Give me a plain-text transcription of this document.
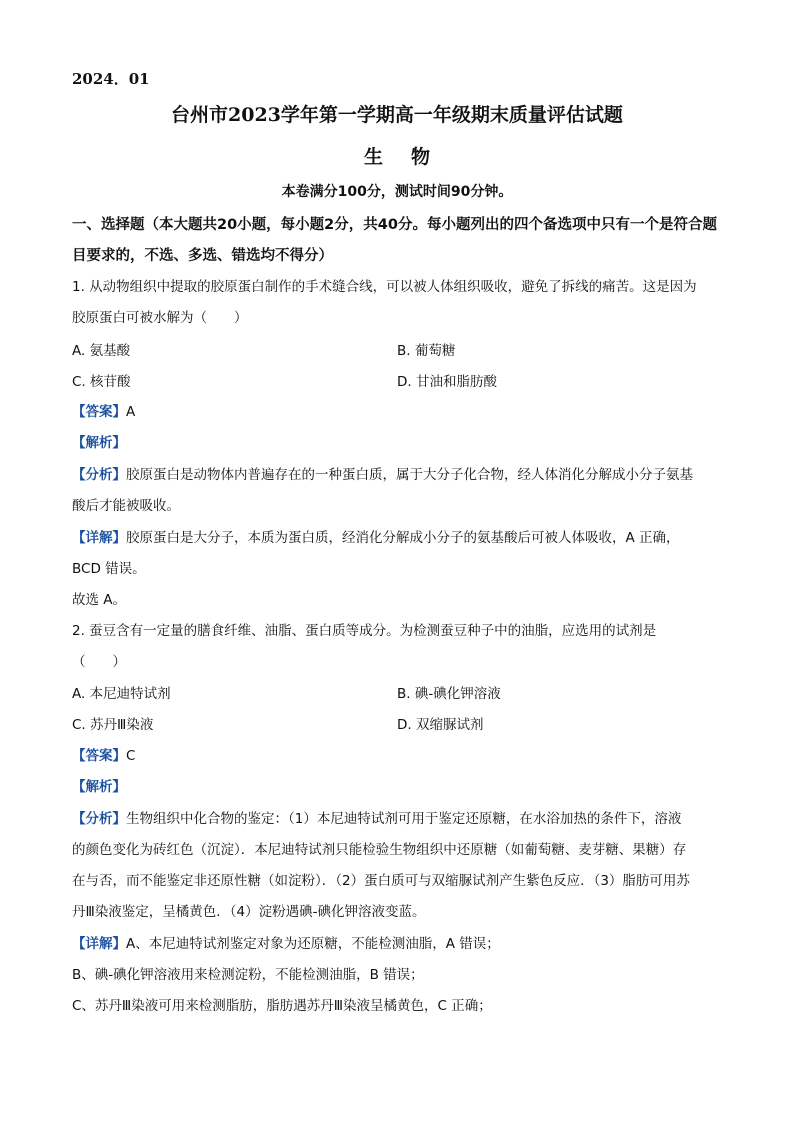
2024．01
台州市2023学年第一学期高一年级期末质量评估试题
生物
本卷满分100分，测试时间90分钟。
一、选择题（本大题共20小题，每小题2分，共40分。每小题列出的四个备选项中只有一个是符合题目要求的，不选、多选、错选均不得分）
1. 从动物组织中提取的胶原蛋白制作的手术缝合线，可以被人体组织吸收，避免了拆线的痛苦。这是因为
胶原蛋白可被水解为（　　）
A. 氨基酸	B. 葡萄糖
C. 核苷酸	D. 甘油和脂肪酸
【答案】A
【解析】
【分析】胶原蛋白是动物体内普遍存在的一种蛋白质，属于大分子化合物，经人体消化分解成小分子氨基
酸后才能被吸收。
【详解】胶原蛋白是大分子，本质为蛋白质，经消化分解成小分子的氨基酸后可被人体吸收，A 正确，
BCD 错误。
故选 A。
2. 蚕豆含有一定量的膳食纤维、油脂、蛋白质等成分。为检测蚕豆种子中的油脂，应选用的试剂是
（　　）
A. 本尼迪特试剂	B. 碘-碘化钾溶液
C. 苏丹Ⅲ染液	D. 双缩脲试剂
【答案】C
【解析】
【分析】生物组织中化合物的鉴定：（1）本尼迪特试剂可用于鉴定还原糖，在水浴加热的条件下，溶液
的颜色变化为砖红色（沉淀）．本尼迪特试剂只能检验生物组织中还原糖（如葡萄糖、麦芽糖、果糖）存
在与否，而不能鉴定非还原性糖（如淀粉）．（2）蛋白质可与双缩脲试剂产生紫色反应．（3）脂肪可用苏
丹Ⅲ染液鉴定，呈橘黄色．（4）淀粉遇碘-碘化钾溶液变蓝。
【详解】A、本尼迪特试剂鉴定对象为还原糖，不能检测油脂，A 错误；
B、碘-碘化钾溶液用来检测淀粉，不能检测油脂，B 错误；
C、苏丹Ⅲ染液可用来检测脂肪，脂肪遇苏丹Ⅲ染液呈橘黄色，C 正确；
